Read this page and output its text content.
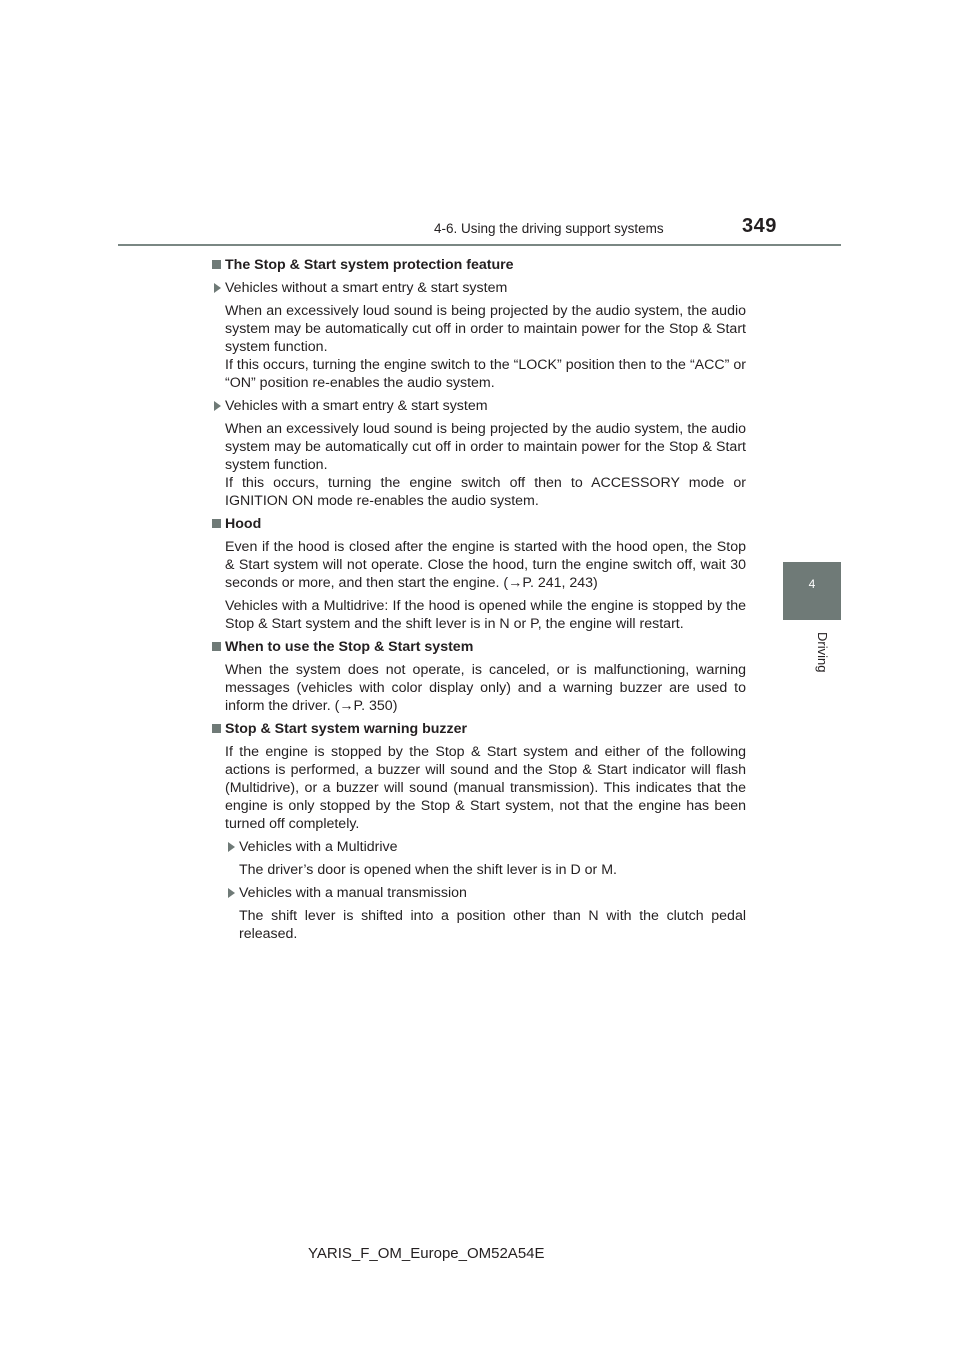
4-6. Using the driving support systems	349
4
Driving
The Stop & Start system protection feature
Vehicles without a smart entry & start system
When an excessively loud sound is being projected by the audio system, the audio system may be automatically cut off in order to maintain power for the Stop & Start system function.
If this occurs, turning the engine switch to the “LOCK” position then to the “ACC” or “ON” position re-enables the audio system.
Vehicles with a smart entry & start system
When an excessively loud sound is being projected by the audio system, the audio system may be automatically cut off in order to maintain power for the Stop & Start system function.
If this occurs, turning the engine switch off then to ACCESSORY mode or IGNITION ON mode re-enables the audio system.
Hood
Even if the hood is closed after the engine is started with the hood open, the Stop & Start system will not operate. Close the hood, turn the engine switch off, wait 30 seconds or more, and then start the engine. (→P. 241, 243)
Vehicles with a Multidrive: If the hood is opened while the engine is stopped by the Stop & Start system and the shift lever is in N or P, the engine will restart.
When to use the Stop & Start system
When the system does not operate, is canceled, or is malfunctioning, warning messages (vehicles with color display only) and a warning buzzer are used to inform the driver. (→P. 350)
Stop & Start system warning buzzer
If the engine is stopped by the Stop & Start system and either of the following actions is performed, a buzzer will sound and the Stop & Start indicator will flash (Multidrive), or a buzzer will sound (manual transmission). This indicates that the engine is only stopped by the Stop & Start system, not that the engine has been turned off completely.
Vehicles with a Multidrive
The driver’s door is opened when the shift lever is in D or M.
Vehicles with a manual transmission
The shift lever is shifted into a position other than N with the clutch pedal released.
YARIS_F_OM_Europe_OM52A54E
